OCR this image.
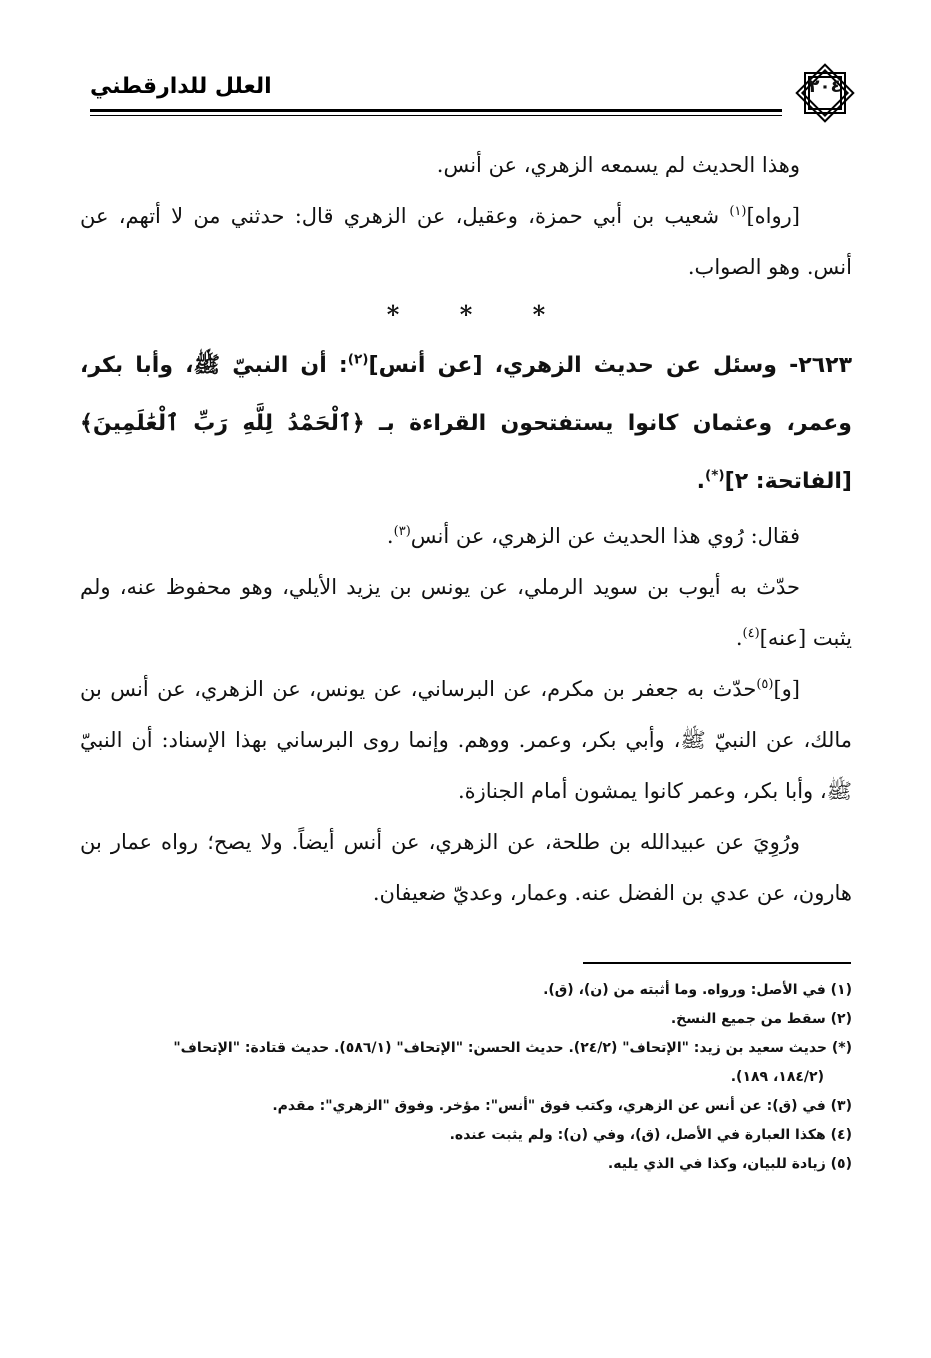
العلل للدارقطني	٢٠٤

وهذا الحديث لم يسمعه الزهري، عن أنس.

[رواه]$^{(١)}$ شعيب بن أبي حمزة، وعقيل، عن الزهري قال: حدثني من لا أتهم، عن أنس. وهو الصواب.

* * *

٢٦٢٣- وسئل عن حديث الزهري، [عن أنس]$^{(٢)}$: أن النبيّ ﷺ، وأبا بكر، وعمر، وعثمان كانوا يستفتحون القراءة بـ ﴿ٱلْحَمْدُ لِلَّهِ رَبِّ ٱلْعَٰلَمِينَ﴾ [الفاتحة: ٢](*).

فقال: رُوي هذا الحديث عن الزهري، عن أنس$^{(٣)}$.

حدّث به أيوب بن سويد الرملي، عن يونس بن يزيد الأيلي، وهو محفوظ عنه، ولم يثبت [عنه]$^{(٤)}$.

[و]$^{(٥)}$حدّث به جعفر بن مكرم، عن البرساني، عن يونس، عن الزهري، عن أنس بن مالك، عن النبيّ ﷺ، وأبي بكر، وعمر. ووهم. وإنما روى البرساني بهذا الإسناد: أن النبيّ ﷺ، وأبا بكر، وعمر كانوا يمشون أمام الجنازة.

ورُوِيَ عن عبيدالله بن طلحة، عن الزهري، عن أنس أيضاً. ولا يصح؛ رواه عمار بن هارون، عن عدي بن الفضل عنه. وعمار، وعديّ ضعيفان.

(١) في الأصل: ورواه. وما أثبته من (ن)، (ق).

(٢) سقط من جميع النسخ.

(*) حديث سعيد بن زيد: "الإتحاف" (٢٤/٢). حديث الحسن: "الإتحاف" (٥٨٦/١). حديث قتادة: "الإتحاف"

(١٨٤/٢، ١٨٩).

(٣) في (ق): عن أنس عن الزهري، وكتب فوق "أنس": مؤخر. وفوق "الزهري": مقدم.

(٤) هكذا العبارة في الأصل، (ق)، وفي (ن): ولم يثبت عنده.

(٥) زيادة للبيان، وكذا في الذي يليه.
